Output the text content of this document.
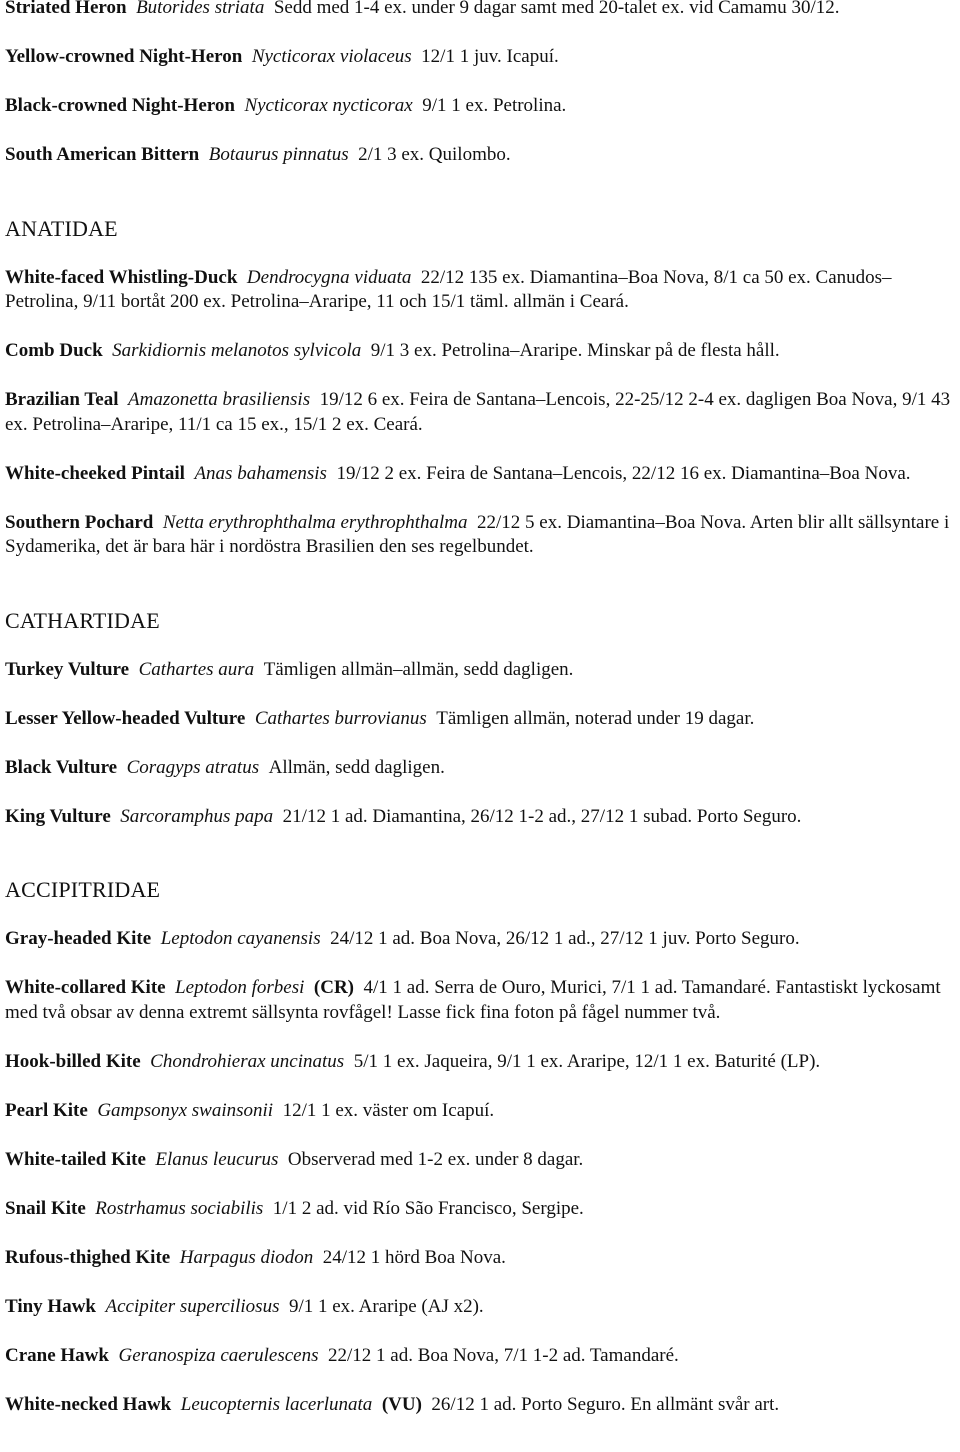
Striated Heron Butorides striata Sedd med 1-4 ex. under 9 dagar samt med 20-talet ex. vid Camamu 30/12.
Yellow-crowned Night-Heron Nycticorax violaceus 12/1 1 juv. Icapuí.
Black-crowned Night-Heron Nycticorax nycticorax 9/1 1 ex. Petrolina.
South American Bittern Botaurus pinnatus 2/1 3 ex. Quilombo.
ANATIDAE
White-faced Whistling-Duck Dendrocygna viduata 22/12 135 ex. Diamantina–Boa Nova, 8/1 ca 50 ex. Canudos–Petrolina, 9/11 bortåt 200 ex. Petrolina–Araripe, 11 och 15/1 täml. allmän i Ceará.
Comb Duck Sarkidiornis melanotos sylvicola 9/1 3 ex. Petrolina–Araripe. Minskar på de flesta håll.
Brazilian Teal Amazonetta brasiliensis 19/12 6 ex. Feira de Santana–Lencois, 22-25/12 2-4 ex. dagligen Boa Nova, 9/1 43 ex. Petrolina–Araripe, 11/1 ca 15 ex., 15/1 2 ex. Ceará.
White-cheeked Pintail Anas bahamensis 19/12 2 ex. Feira de Santana–Lencois, 22/12 16 ex. Diamantina–Boa Nova.
Southern Pochard Netta erythrophthalma erythrophthalma 22/12 5 ex. Diamantina–Boa Nova. Arten blir allt sällsyntare i Sydamerika, det är bara här i nordöstra Brasilien den ses regelbundet.
CATHARTIDAE
Turkey Vulture Cathartes aura Tämligen allmän–allmän, sedd dagligen.
Lesser Yellow-headed Vulture Cathartes burrovianus Tämligen allmän, noterad under 19 dagar.
Black Vulture Coragyps atratus Allmän, sedd dagligen.
King Vulture Sarcoramphus papa 21/12 1 ad. Diamantina, 26/12 1-2 ad., 27/12 1 subad. Porto Seguro.
ACCIPITRIDAE
Gray-headed Kite Leptodon cayanensis 24/12 1 ad. Boa Nova, 26/12 1 ad., 27/12 1 juv. Porto Seguro.
White-collared Kite Leptodon forbesi (CR) 4/1 1 ad. Serra de Ouro, Murici, 7/1 1 ad. Tamandaré. Fantastiskt lyckosamt med två obsar av denna extremt sällsynta rovfågel! Lasse fick fina foton på fågel nummer två.
Hook-billed Kite Chondrohierax uncinatus 5/1 1 ex. Jaqueira, 9/1 1 ex. Araripe, 12/1 1 ex. Baturité (LP).
Pearl Kite Gampsonyx swainsonii 12/1 1 ex. väster om Icapuí.
White-tailed Kite Elanus leucurus Observerad med 1-2 ex. under 8 dagar.
Snail Kite Rostrhamus sociabilis 1/1 2 ad. vid Río São Francisco, Sergipe.
Rufous-thighed Kite Harpagus diodon 24/12 1 hörd Boa Nova.
Tiny Hawk Accipiter superciliosus 9/1 1 ex. Araripe (AJ x2).
Crane Hawk Geranospiza caerulescens 22/12 1 ad. Boa Nova, 7/1 1-2 ad. Tamandaré.
White-necked Hawk Leucopternis lacerlunata (VU) 26/12 1 ad. Porto Seguro. En allmänt svår art.
